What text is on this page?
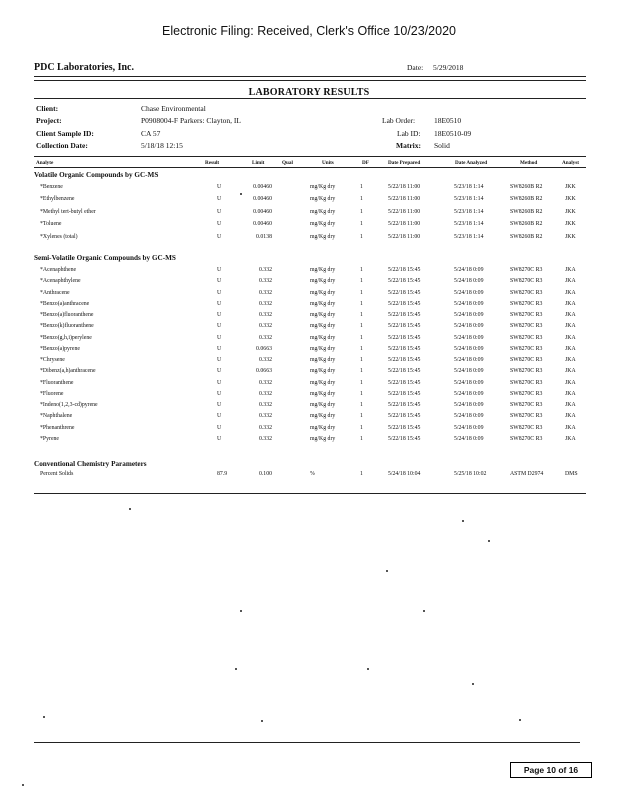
Electronic Filing: Received, Clerk's Office 10/23/2020
PDC Laboratories, Inc.	Date: 5/29/2018
LABORATORY RESULTS
Client:	Chase Environmental
Project:	P0908004-F Parkers: Clayton, IL	Lab Order:	18E0510
Client Sample ID:	CA 57	Lab ID: 18E0510-09
Collection Date:	5/18/18 12:15	Matrix: Solid
Analyte	Result	Limit	Qual	Units	DF	Date Prepared	Date Analyzed	Method	Analyst
Volatile Organic Compounds by GC-MS
*Benzene	U	0.00460	mg/Kg dry	1	5/22/18 11:00	5/23/18 1:14	SW8260B R2	JKK
*Ethylbenzene	U	0.00460	mg/Kg dry	1	5/22/18 11:00	5/23/18 1:14	SW8260B R2	JKK
*Methyl tert-butyl ether	U	0.00460	mg/Kg dry	1	5/22/18 11:00	5/23/18 1:14	SW8260B R2	JKK
*Toluene	U	0.00460	mg/Kg dry	1	5/22/18 11:00	5/23/18 1:14	SW8260B R2	JKK
*Xylenes (total)	U	0.0138	mg/Kg dry	1	5/22/18 11:00	5/23/18 1:14	SW8260B R2	JKK
Semi-Volatile Organic Compounds by GC-MS
*Acenaphthene	U	0.332	mg/Kg dry	1	5/22/18 15:45	5/24/18 0:09	SW8270C R3	JKA
*Acenaphthylene	U	0.332	mg/Kg dry	1	5/22/18 15:45	5/24/18 0:09	SW8270C R3	JKA
*Anthracene	U	0.332	mg/Kg dry	1	5/22/18 15:45	5/24/18 0:09	SW8270C R3	JKA
*Benzo(a)anthracene	U	0.332	mg/Kg dry	1	5/22/18 15:45	5/24/18 0:09	SW8270C R3	JKA
*Benzo(a)fluoranthene	U	0.332	mg/Kg dry	1	5/22/18 15:45	5/24/18 0:09	SW8270C R3	JKA
*Benzo(k)fluoranthene	U	0.332	mg/Kg dry	1	5/22/18 15:45	5/24/18 0:09	SW8270C R3	JKA
*Benzo(g,h,i)perylene	U	0.332	mg/Kg dry	1	5/22/18 15:45	5/24/18 0:09	SW8270C R3	JKA
*Benzo(a)pyrene	U	0.0663	mg/Kg dry	1	5/22/18 15:45	5/24/18 0:09	SW8270C R3	JKA
*Chrysene	U	0.332	mg/Kg dry	1	5/22/18 15:45	5/24/18 0:09	SW8270C R3	JKA
*Dibenz(a,h)anthracene	U	0.0663	mg/Kg dry	1	5/22/18 15:45	5/24/18 0:09	SW8270C R3	JKA
*Fluoranthene	U	0.332	mg/Kg dry	1	5/22/18 15:45	5/24/18 0:09	SW8270C R3	JKA
*Fluorene	U	0.332	mg/Kg dry	1	5/22/18 15:45	5/24/18 0:09	SW8270C R3	JKA
*Indeno(1,2,3-cd)pyrene	U	0.332	mg/Kg dry	1	5/22/18 15:45	5/24/18 0:09	SW8270C R3	JKA
*Naphthalene	U	0.332	mg/Kg dry	1	5/22/18 15:45	5/24/18 0:09	SW8270C R3	JKA
*Phenanthrene	U	0.332	mg/Kg dry	1	5/22/18 15:45	5/24/18 0:09	SW8270C R3	JKA
*Pyrene	U	0.332	mg/Kg dry	1	5/22/18 15:45	5/24/18 0:09	SW8270C R3	JKA
Conventional Chemistry Parameters
Percent Solids	87.9	0.100	%	1	5/24/18 10:04	5/25/18 10:02	ASTM D2974	DMS
Page 10 of 16
